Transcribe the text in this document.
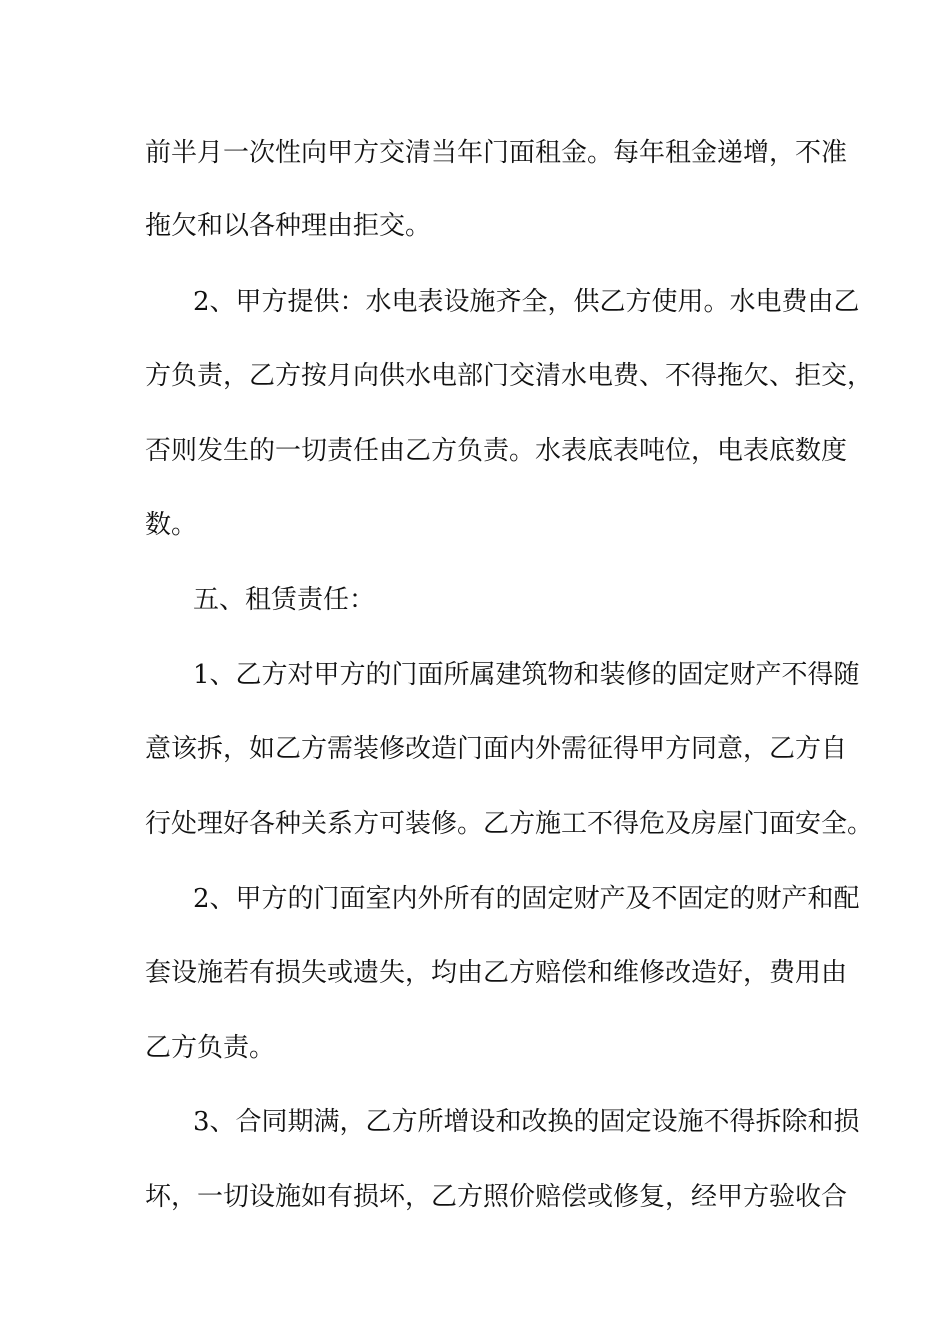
前半月一次性向甲方交清当年门面租金。每年租金递增，不准
拖欠和以各种理由拒交。
2、甲方提供：水电表设施齐全，供乙方使用。水电费由乙
方负责，乙方按月向供水电部门交清水电费、不得拖欠、拒交，
否则发生的一切责任由乙方负责。水表底表吨位，电表底数度
数。
五、租赁责任：
1、乙方对甲方的门面所属建筑物和装修的固定财产不得随
意该拆，如乙方需装修改造门面内外需征得甲方同意，乙方自
行处理好各种关系方可装修。乙方施工不得危及房屋门面安全。
2、甲方的门面室内外所有的固定财产及不固定的财产和配
套设施若有损失或遗失，均由乙方赔偿和维修改造好，费用由
乙方负责。
3、合同期满，乙方所增设和改换的固定设施不得拆除和损
坏，一切设施如有损坏，乙方照价赔偿或修复，经甲方验收合
